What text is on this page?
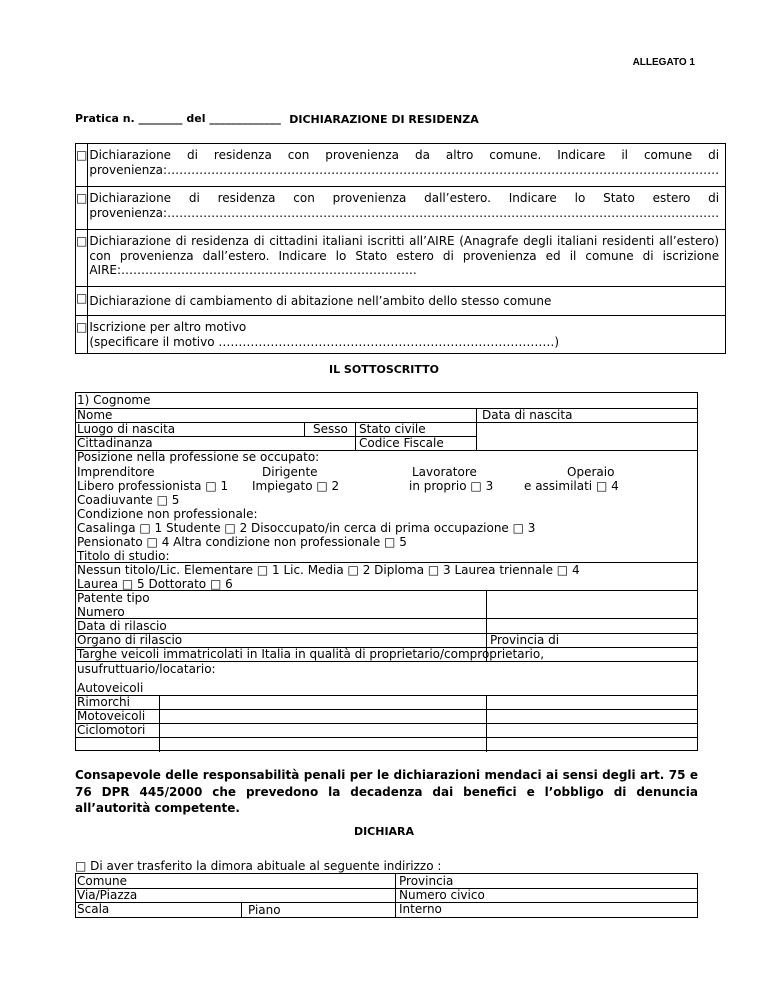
ALLEGATO 1
Pratica n. ________ del _____________ DICHIARAZIONE DI RESIDENZA
□	Dichiarazione di residenza con provenienza da altro comune. Indicare il comune di provenienza:…………………………………………………………………………………………………………………………
□	Dichiarazione di residenza con provenienza dall’estero. Indicare lo Stato estero di provenienza:…………………………………………………………………………………………………………………………
□	Dichiarazione di residenza di cittadini italiani iscritti all’AIRE (Anagrafe degli italiani residenti all’estero) con provenienza dall’estero. Indicare lo Stato estero di provenienza ed il comune di iscrizione AIRE:………………………………………………………………..
□	Dichiarazione di cambiamento di abitazione nell’ambito dello stesso comune
□	Iscrizione per altro motivo
(specificare il motivo …………………………………………………………………………)
IL SOTTOSCRITTO
1) Cognome
Nome	Data di nascita
Luogo di nascita	Sesso Stato civile
Cittadinanza	Codice Fiscale
Posizione nella professione se occupato:
Imprenditore	Dirigente	Lavoratore	Operaio
Libero professionista □ 1 Impiegato □ 2	in proprio □ 3	e assimilati □ 4
Coadiuvante □ 5
Condizione non professionale:
Casalinga □ 1 Studente □ 2 Disoccupato/in cerca di prima occupazione □ 3
Pensionato □ 4 Altra condizione non professionale □ 5
Titolo di studio:
Nessun titolo/Lic. Elementare □ 1 Lic. Media □ 2 Diploma □ 3 Laurea triennale □ 4
Laurea □ 5 Dottorato □ 6
Patente tipo
Numero
Data di rilascio
Organo di rilascio	Provincia di
Targhe veicoli immatricolati in Italia in qualità di proprietario/comproprietario,
usufruttuario/locatario:
Autoveicoli
Rimorchi
Motoveicoli
Ciclomotori
Consapevole delle responsabilità penali per le dichiarazioni mendaci ai sensi degli art. 75 e 76 DPR 445/2000 che prevedono la decadenza dai benefici e l’obbligo di denuncia all’autorità competente.
DICHIARA
□ Di aver trasferito la dimora abituale al seguente indirizzo :
Comune	Provincia
Via/Piazza	Numero civico
Scala	Piano	Interno
